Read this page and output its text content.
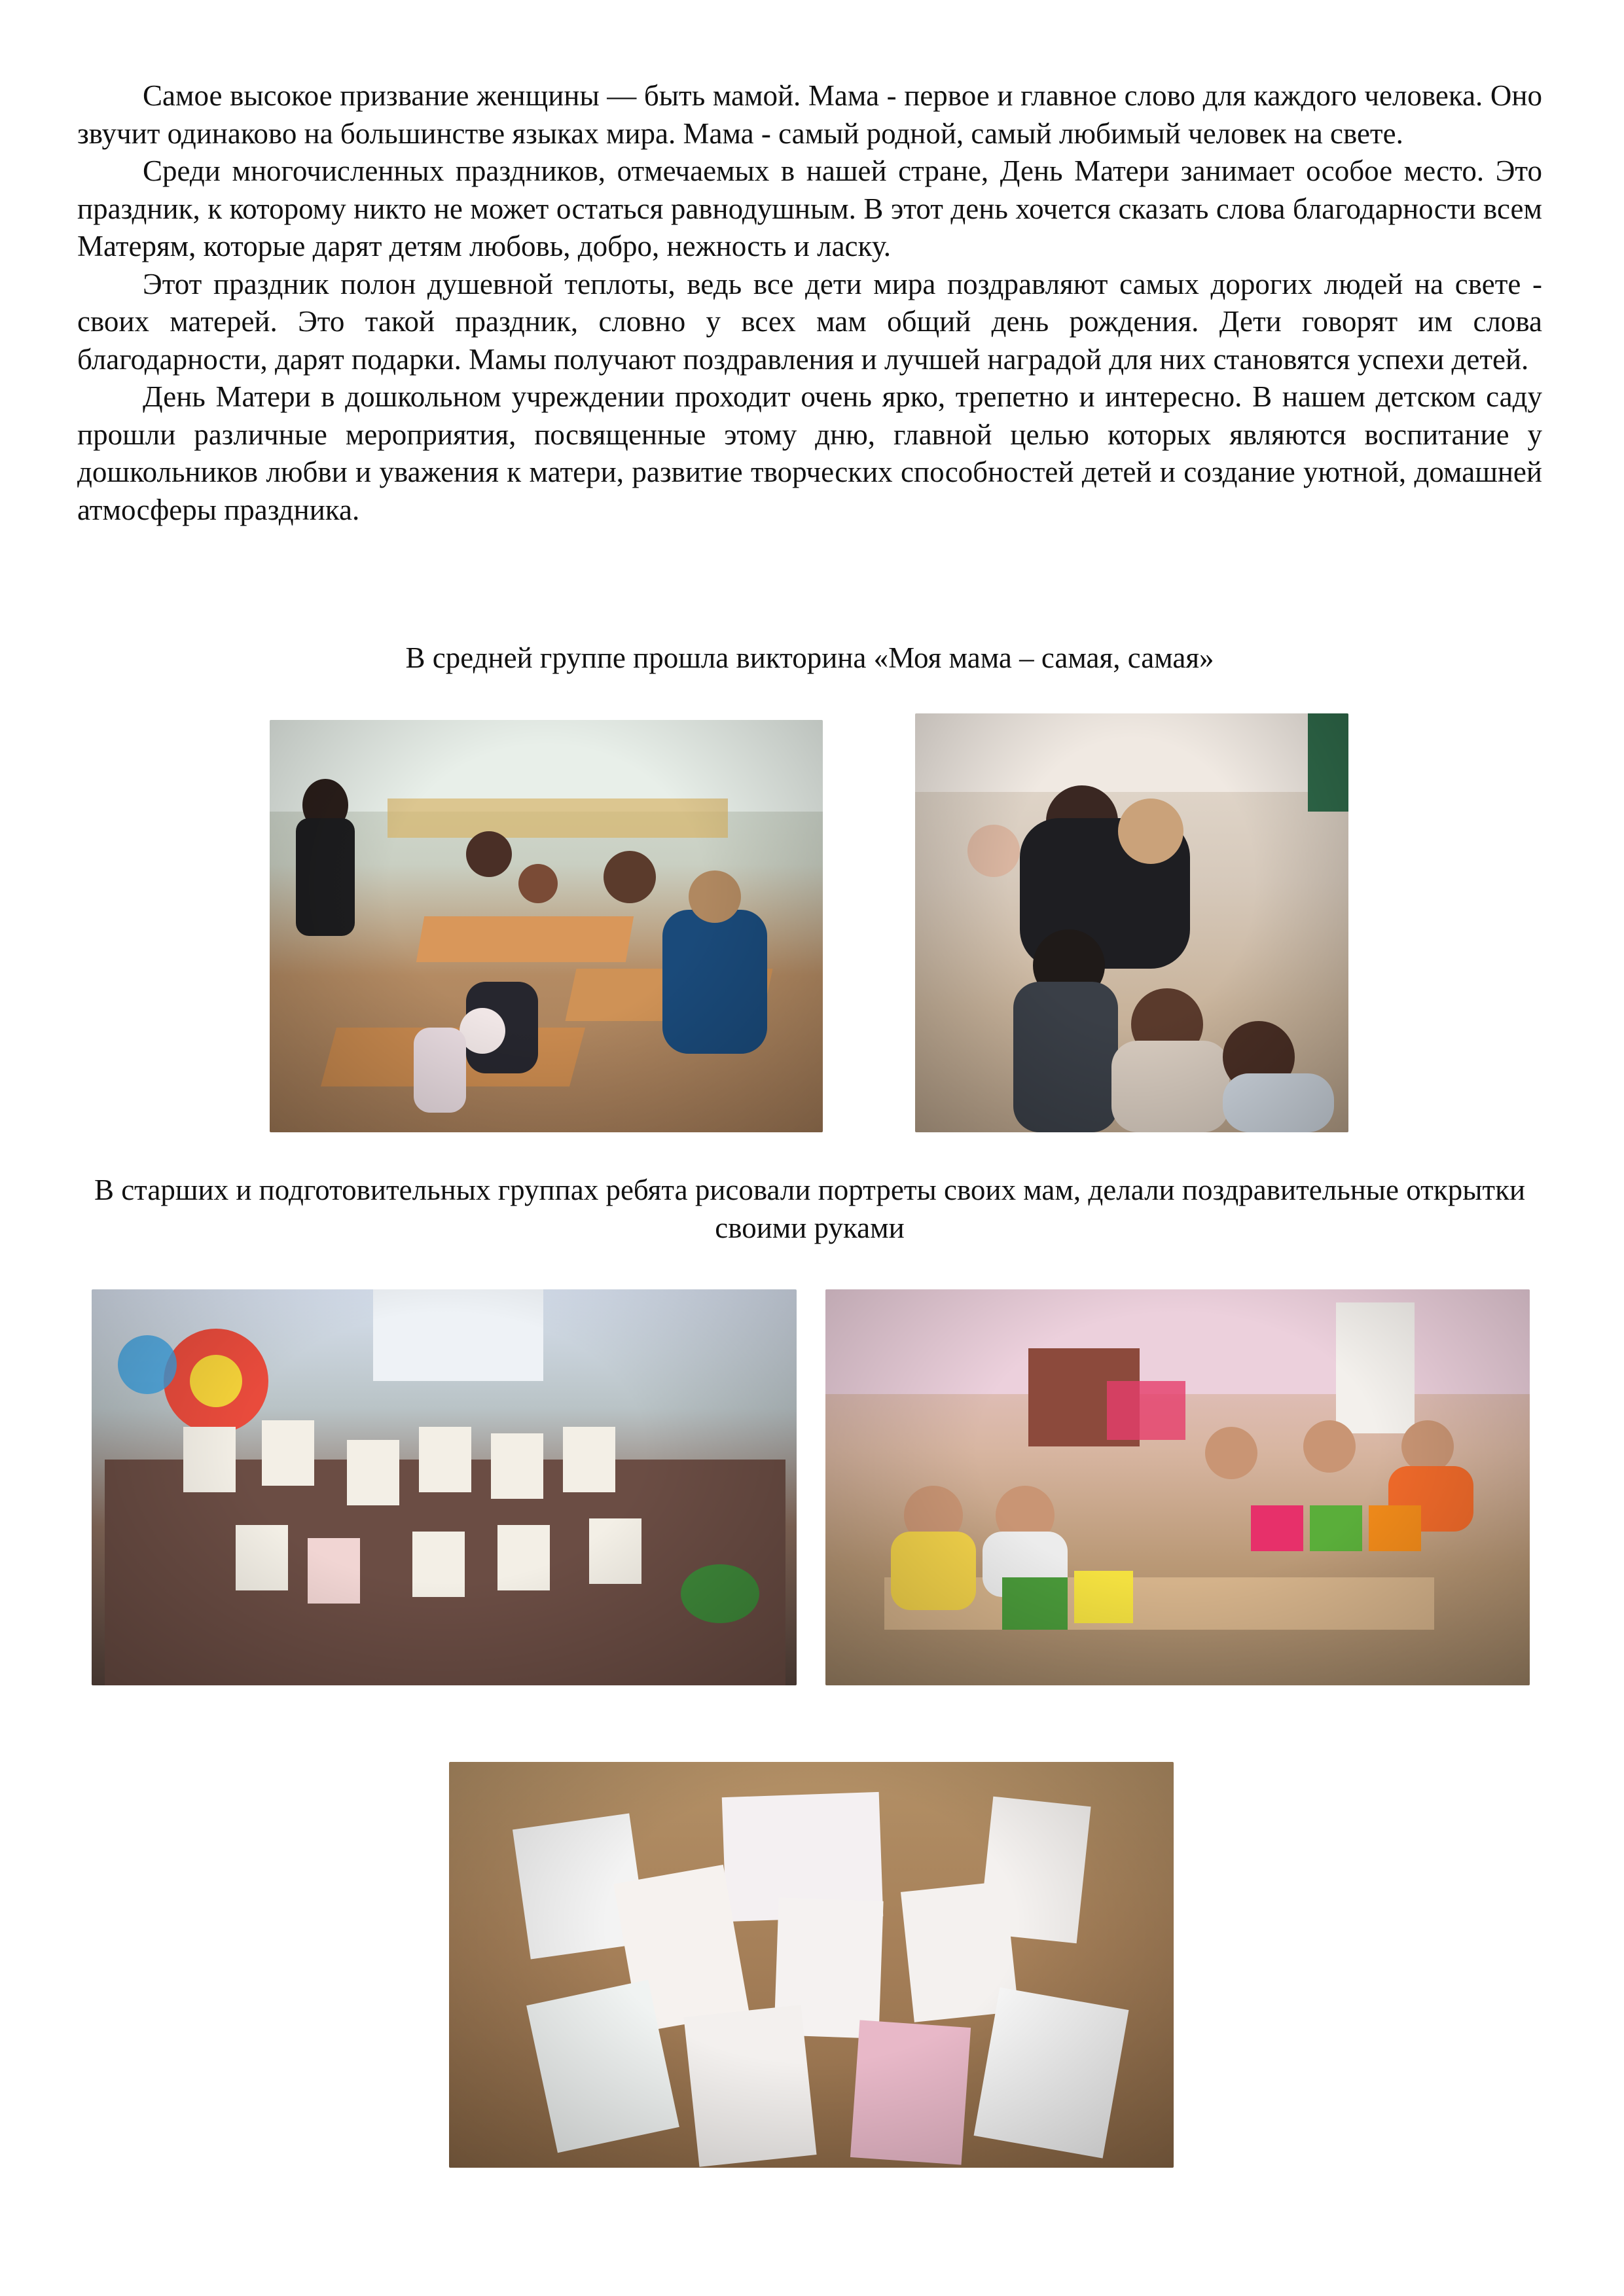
Самое высокое призвание женщины — быть мамой. Мама - первое и главное слово для каждого человека. Оно звучит одинаково на большинстве языках мира. Мама - самый родной, самый любимый человек на свете.

Среди многочисленных праздников, отмечаемых в нашей стране, День Матери занимает особое место. Это праздник, к которому никто не может остаться равнодушным. В этот день хочется сказать слова благодарности всем Матерям, которые дарят детям любовь, добро, нежность и ласку.

Этот праздник полон душевной теплоты, ведь все дети мира поздравляют самых дорогих людей на свете - своих матерей. Это такой праздник, словно у всех мам общий день рождения. Дети говорят им слова благодарности, дарят подарки. Мамы получают поздравления и лучшей наградой для них становятся успехи детей.

День Матери в дошкольном учреждении проходит очень ярко, трепетно и интересно. В нашем детском саду прошли различные мероприятия, посвященные этому дню, главной целью которых являются воспитание у дошкольников любви и уважения к матери, развитие творческих способностей детей и создание уютной, домашней атмосферы праздника.

В средней группе прошла викторина «Моя мама – самая, самая»
В старших и подготовительных группах ребята рисовали портреты своих мам, делали поздравительные открытки своими руками
